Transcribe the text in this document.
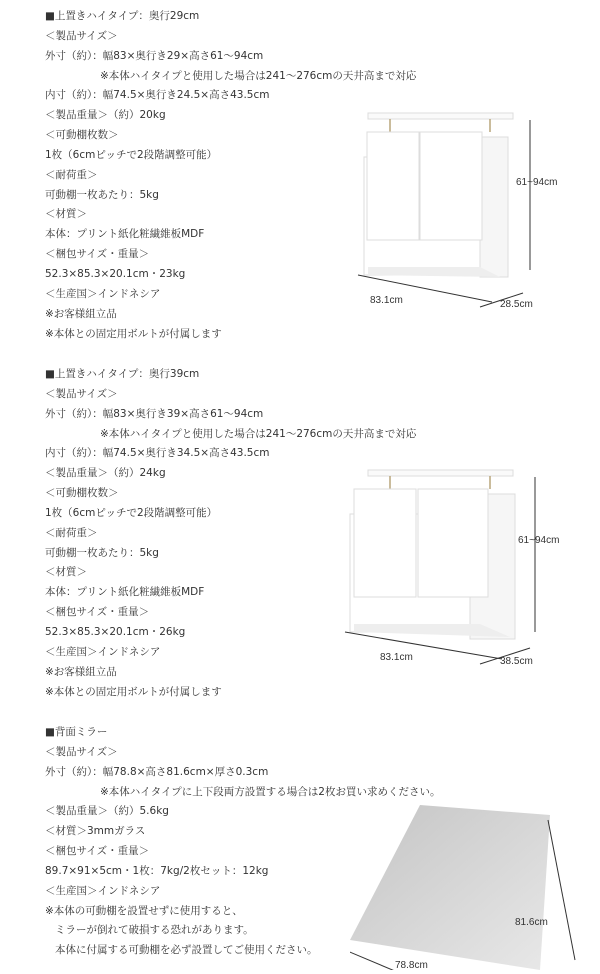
■上置きハイタイプ：奥行29cm
＜製品サイズ＞
外寸（約）：幅83×奥行き29×高さ61～94cm
※本体ハイタイプと使用した場合は241～276cmの天井高まで対応
内寸（約）：幅74.5×奥行き24.5×高さ43.5cm
＜製品重量＞（約）20kg
＜可動棚枚数＞
1枚（6cmピッチで2段階調整可能）
＜耐荷重＞
可動棚一枚あたり：5kg
＜材質＞
本体：プリント紙化粧繊維板MDF
＜梱包サイズ・重量＞
52.3×85.3×20.1cm・23kg
＜生産国＞インドネシア
※お客様組立品
※本体との固定用ボルトが付属します
83.1cm	28.5cm
61~94cm
■上置きハイタイプ：奥行39cm
＜製品サイズ＞
外寸（約）：幅83×奥行き39×高さ61～94cm
※本体ハイタイプと使用した場合は241～276cmの天井高まで対応
内寸（約）：幅74.5×奥行き34.5×高さ43.5cm
＜製品重量＞（約）24kg
＜可動棚枚数＞
1枚（6cmピッチで2段階調整可能）
＜耐荷重＞
可動棚一枚あたり：5kg
＜材質＞
本体：プリント紙化粧繊維板MDF
＜梱包サイズ・重量＞
52.3×85.3×20.1cm・26kg
＜生産国＞インドネシア
※お客様組立品
※本体との固定用ボルトが付属します
83.1cm	38.5cm
61~94cm
■背面ミラー
＜製品サイズ＞
外寸（約）：幅78.8×高さ81.6cm×厚さ0.3cm
※本体ハイタイプに上下段両方設置する場合は2枚お買い求めください。
＜製品重量＞（約）5.6kg
＜材質＞3mmガラス
＜梱包サイズ・重量＞
89.7×91×5cm・1枚：7kg/2枚セット：12kg
＜生産国＞インドネシア
※本体の可動棚を設置せずに使用すると、
ミラーが倒れて破損する恐れがあります。
本体に付属する可動棚を必ず設置してご使用ください。
81.6cm
78.8cm
